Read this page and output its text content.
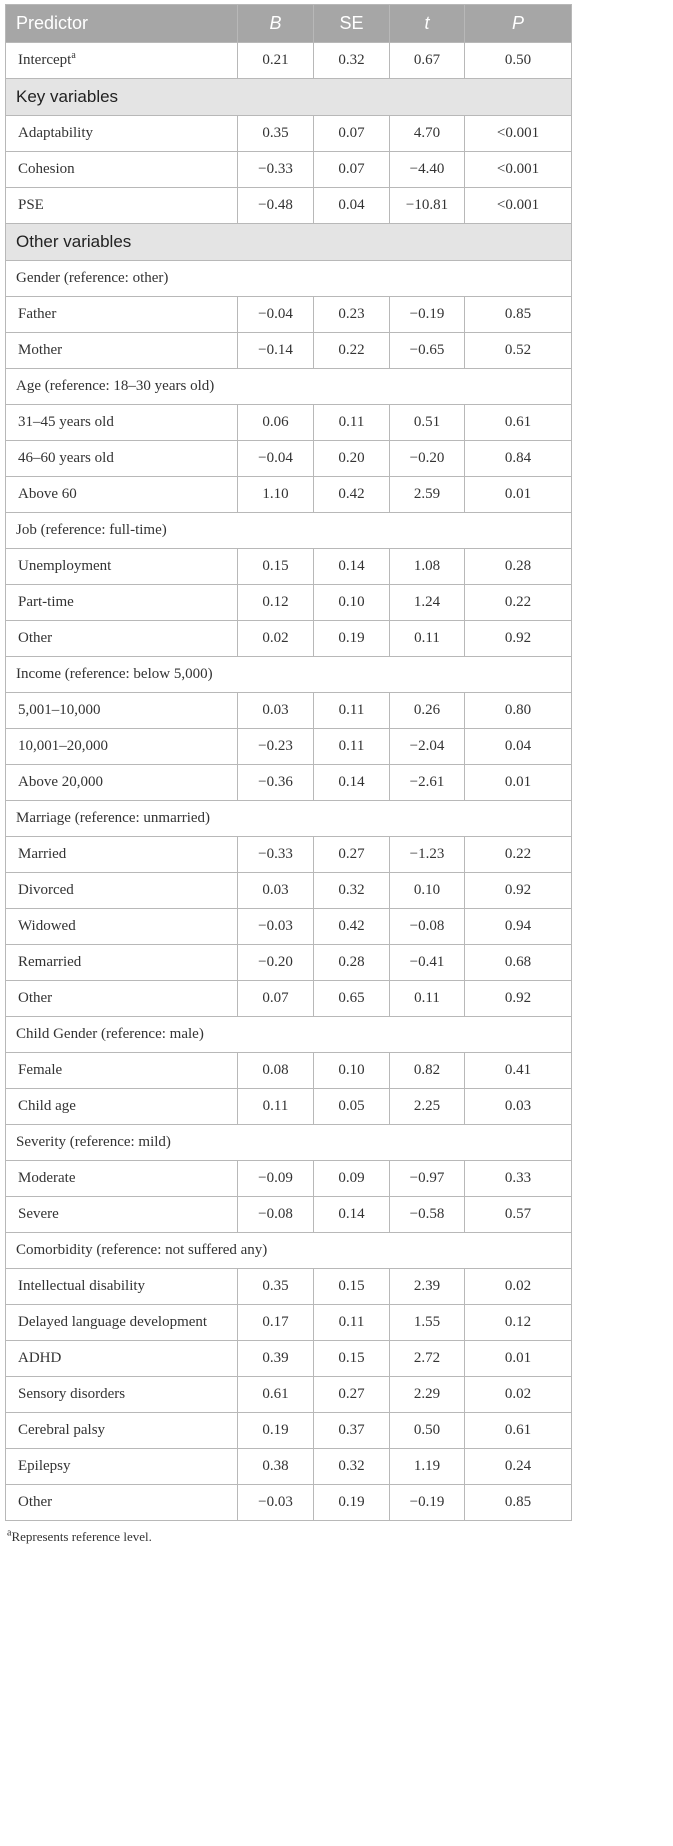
Predictor	B	SE	t	P
Intercept$^a$	0.21	0.32	0.67	0.50
Key variables				
Adaptability	0.35	0.07	4.70	<0.001
Cohesion	−0.33	0.07	−4.40	<0.001
PSE	−0.48	0.04	−10.81	<0.001
Other variables				
Gender (reference: other)				
Father	−0.04	0.23	−0.19	0.85
Mother	−0.14	0.22	−0.65	0.52
Age (reference: 18–30 years old)				
31–45 years old	0.06	0.11	0.51	0.61
46–60 years old	−0.04	0.20	−0.20	0.84
Above 60	1.10	0.42	2.59	0.01
Job (reference: full-time)				
Unemployment	0.15	0.14	1.08	0.28
Part-time	0.12	0.10	1.24	0.22
Other	0.02	0.19	0.11	0.92
Income (reference: below 5,000)				
5,001–10,000	0.03	0.11	0.26	0.80
10,001–20,000	−0.23	0.11	−2.04	0.04
Above 20,000	−0.36	0.14	−2.61	0.01
Marriage (reference: unmarried)				
Married	−0.33	0.27	−1.23	0.22
Divorced	0.03	0.32	0.10	0.92
Widowed	−0.03	0.42	−0.08	0.94
Remarried	−0.20	0.28	−0.41	0.68
Other	0.07	0.65	0.11	0.92
Child Gender (reference: male)				
Female	0.08	0.10	0.82	0.41
Child age	0.11	0.05	2.25	0.03
Severity (reference: mild)				
Moderate	−0.09	0.09	−0.97	0.33
Severe	−0.08	0.14	−0.58	0.57
Comorbidity (reference: not suffered any)				
Intellectual disability	0.35	0.15	2.39	0.02
Delayed language development	0.17	0.11	1.55	0.12
ADHD	0.39	0.15	2.72	0.01
Sensory disorders	0.61	0.27	2.29	0.02
Cerebral palsy	0.19	0.37	0.50	0.61
Epilepsy	0.38	0.32	1.19	0.24
Other	−0.03	0.19	−0.19	0.85
$^a$Represents reference level.
